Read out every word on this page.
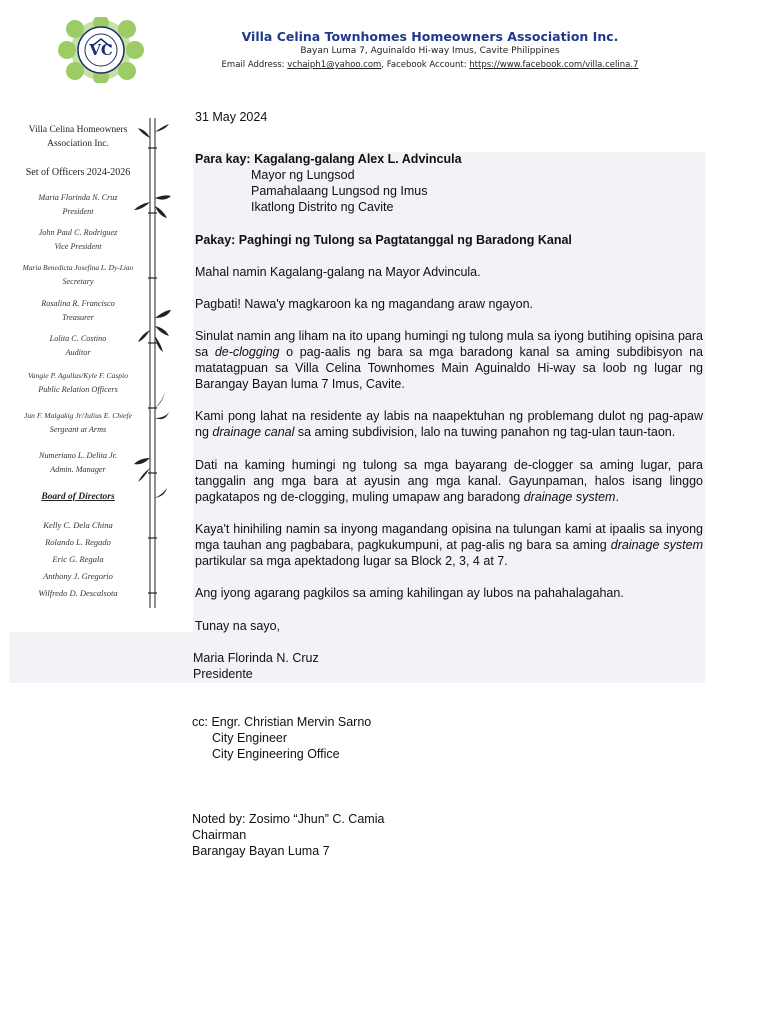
VC
Villa Celina Townhomes Homeowners Association Inc.
Bayan Luma 7, Aguinaldo Hi-way Imus, Cavite Philippines
Email Address: vchaiph1@yahoo.com, Facebook Account: https://www.facebook.com/villa.celina.7
Villa Celina Homeowners
Association Inc.
Set of Officers 2024-2026
Maria Florinda N. Cruz
President
John Paul C. Rodriguez
Vice President
Maria Benedicta Josefina L. Dy-Liao
Secretary
Rosalina R. Francisco
Treasurer
Lolita C. Costino
Auditor
Vangie P. Agullas/Kyle F. Caspio
Public Relation Officers
Jun F. Malgakig Jr/Julius E. Chiefe
Sergeant at Arms
Numeriano L. Delita Jr.
Admin. Manager
Board of Directors
Kelly C. Dela China
Rolando L. Regado
Eric G. Regala
Anthony J. Gregorio
Wilfredo D. Descalsota
31 May 2024
Para kay: Kagalang-galang Alex L. Advincula
Mayor ng Lungsod
Pamahalaang Lungsod ng Imus
Ikatlong Distrito ng Cavite
Pakay: Paghingi ng Tulong sa Pagtatanggal ng Baradong Kanal
Mahal namin Kagalang-galang na Mayor Advincula.
Pagbati! Nawa'y magkaroon ka ng magandang araw ngayon.
Sinulat namin ang liham na ito upang humingi ng tulong mula sa iyong butihing opisina para sa de-clogging o pag-aalis ng bara sa mga baradong kanal sa aming subdibisyon na matatagpuan sa Villa Celina Townhomes Main Aguinaldo Hi-way sa loob ng lugar ng Barangay Bayan luma 7 Imus, Cavite.
Kami pong lahat na residente ay labis na naapektuhan ng problemang dulot ng pag-apaw ng drainage canal sa aming subdivision, lalo na tuwing panahon ng tag-ulan taun-taon.
Dati na kaming humingi ng tulong sa mga bayarang de-clogger sa aming lugar, para tanggalin ang mga bara at ayusin ang mga kanal. Gayunpaman, halos isang linggo pagkatapos ng de-clogging, muling umapaw ang baradong drainage system.
Kaya't hinihiling namin sa inyong magandang opisina na tulungan kami at ipaalis sa inyong mga tauhan ang pagbabara, pagkukumpuni, at pag-alis ng bara sa aming drainage system partikular sa mga apektadong lugar sa Block 2, 3, 4 at 7.
Ang iyong agarang pagkilos sa aming kahilingan ay lubos na pahahalagahan.
Tunay na sayo,
Maria Florinda N. Cruz
Presidente
cc: Engr. Christian Mervin Sarno
City Engineer
City Engineering Office
Noted by: Zosimo “Jhun” C. Camia
Chairman
Barangay Bayan Luma 7
